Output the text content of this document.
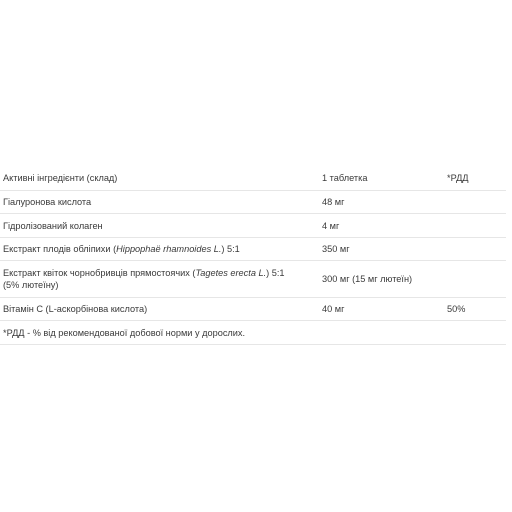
Активні інгредієнти (склад)	1 таблетка	*РДД
Гіалуронова кислота	48 мг	
Гідролізований колаген	4 мг	
Екстракт плодів обліпихи (Hippophaë rhamnoides L.) 5:1	350 мг	
Екстракт квіток чорнобривців прямостоячих (Tagetes erecta L.) 5:1
(5% лютеїну)	300 мг (15 мг лютеїн)	
Вітамін С (L-аскорбінова кислота)	40 мг	50%
*РДД - % від рекомендованої добової норми у дорослих.		
